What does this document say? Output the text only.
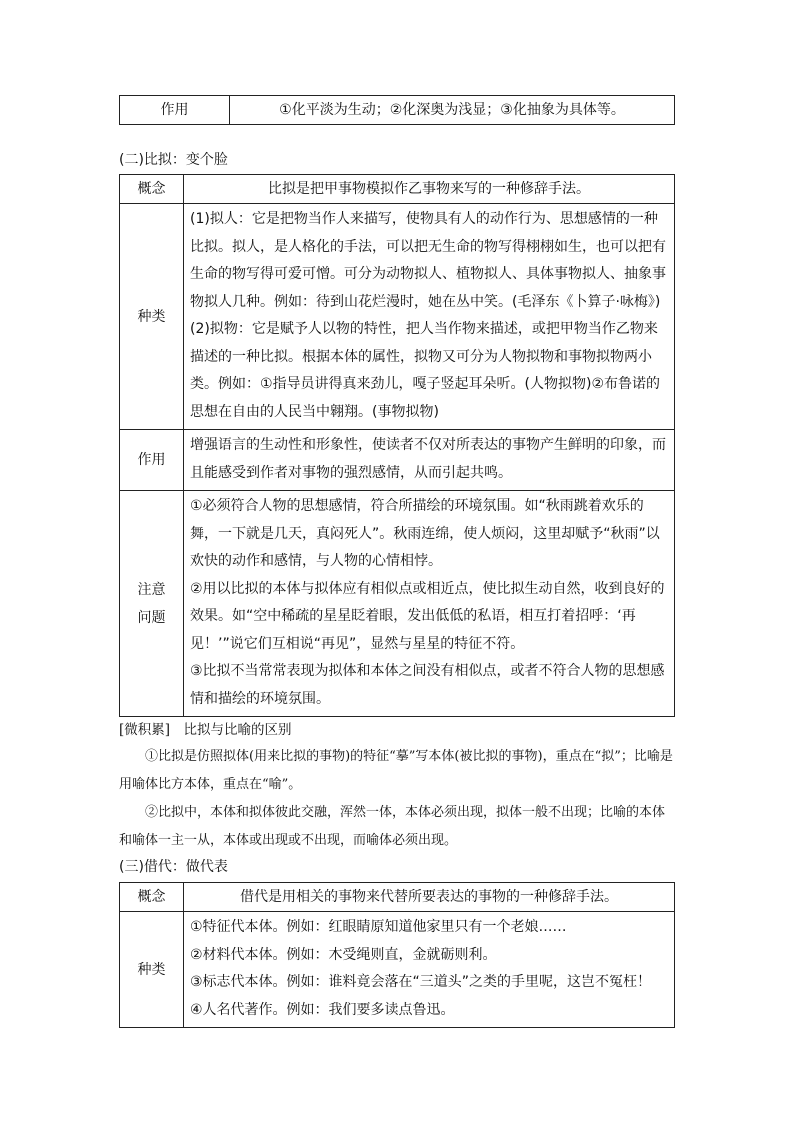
作用	①化平淡为生动；②化深奥为浅显；③化抽象为具体等。
(二)比拟：变个脸
概念	比拟是把甲事物模拟作乙事物来写的一种修辞手法。
种类	(1)拟人：它是把物当作人来描写，使物具有人的动作行为、思想感情的一种比拟。拟人，是人格化的手法，可以把无生命的物写得栩栩如生，也可以把有生命的物写得可爱可憎。可分为动物拟人、植物拟人、具体事物拟人、抽象事物拟人几种。例如：待到山花烂漫时，她在丛中笑。(毛泽东《卜算子·咏梅》)
(2)拟物：它是赋予人以物的特性，把人当作物来描述，或把甲物当作乙物来描述的一种比拟。根据本体的属性，拟物又可分为人物拟物和事物拟物两小类。例如：①指导员讲得真来劲儿，嘎子竖起耳朵听。(人物拟物)②布鲁诺的思想在自由的人民当中翱翔。(事物拟物)

作用	增强语言的生动性和形象性，使读者不仅对所表达的事物产生鲜明的印象，而且能感受到作者对事物的强烈感情，从而引起共鸣。
注意
问题	①必须符合人物的思想感情，符合所描绘的环境氛围。如“秋雨跳着欢乐的舞，一下就是几天，真闷死人”。秋雨连绵，使人烦闷，这里却赋予“秋雨”以欢快的动作和感情，与人物的心情相悖。
②用以比拟的本体与拟体应有相似点或相近点，使比拟生动自然，收到良好的效果。如“空中稀疏的星星眨着眼，发出低低的私语，相互打着招呼：‘再见！’”说它们互相说“再见”，显然与星星的特征不符。
③比拟不当常常表现为拟体和本体之间没有相似点，或者不符合人物的思想感情和描绘的环境氛围。
[微积累]　比拟与比喻的区别

①比拟是仿照拟体(用来比拟的事物)的特征“摹”写本体(被比拟的事物)，重点在“拟”；比喻是用喻体比方本体，重点在“喻”。

②比拟中，本体和拟体彼此交融，浑然一体，本体必须出现，拟体一般不出现；比喻的本体和喻体一主一从，本体或出现或不出现，而喻体必须出现。

(三)借代：做代表
概念	借代是用相关的事物来代替所要表达的事物的一种修辞手法。
种类	①特征代本体。例如：红眼睛原知道他家里只有一个老娘……
②材料代本体。例如：木受绳则直，金就砺则利。
③标志代本体。例如：谁料竟会落在“三道头”之类的手里呢，这岂不冤枉！
④人名代著作。例如：我们要多读点鲁迅。
